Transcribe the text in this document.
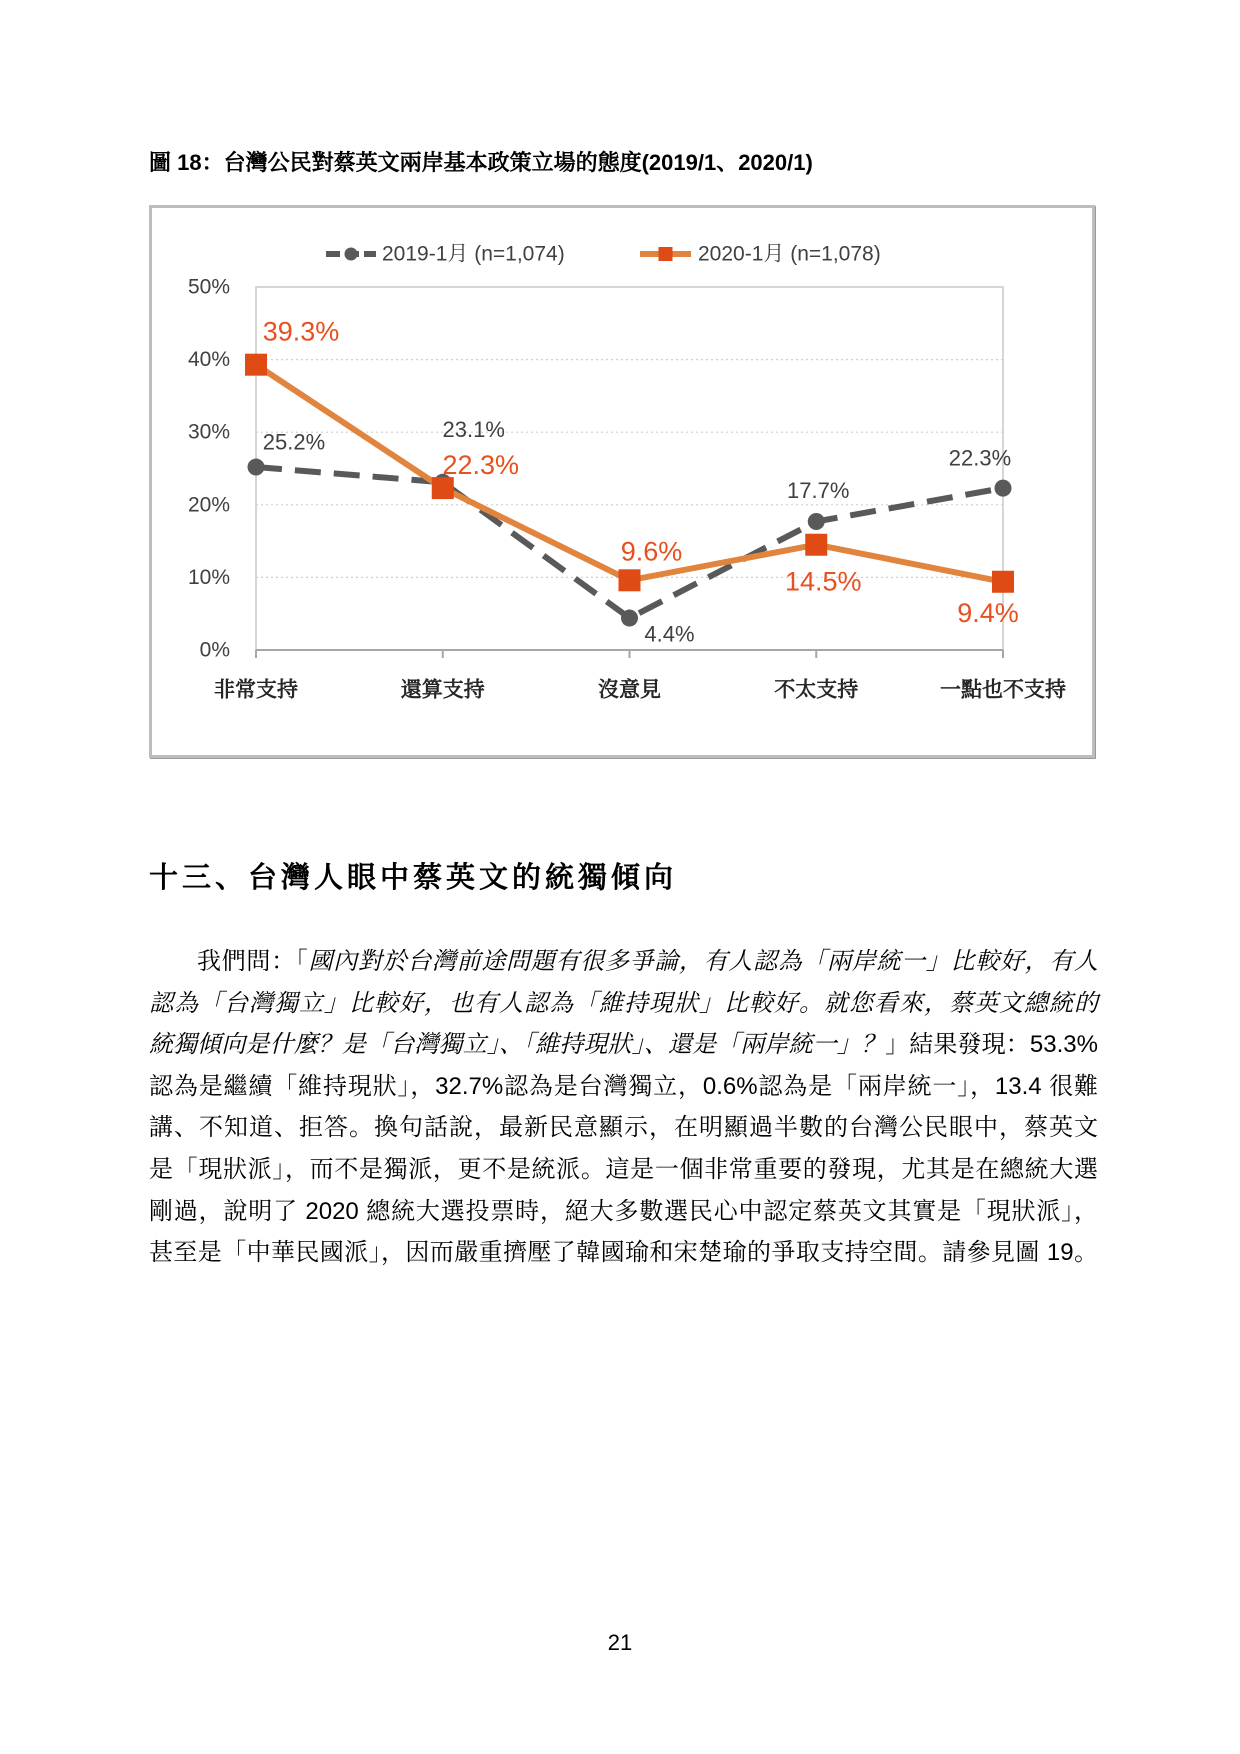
圖 18：台灣公民對蔡英文兩岸基本政策立場的態度(2019/1、2020/1)
0%
10%
20%
30%
40%
50%
非常支持	還算支持	沒意見	不太支持	一點也不支持
25.2%
23.1%
4.4%
17.7%
22.3%
39.3%
22.3%
9.6%
14.5%
9.4%
2019-1月 (n=1,074)	2020-1月 (n=1,078)
十三、台灣人眼中蔡英文的統獨傾向
我們問：「國內對於台灣前途問題有很多爭論，有人認為「兩岸統一」比較好，有人
認為「台灣獨立」比較好，也有人認為「維持現狀」比較好。就您看來，蔡英文總統的
統獨傾向是什麼？是「台灣獨立」、「維持現狀」、還是「兩岸統一」？」結果發現：53.3%
認為是繼續「維持現狀」，32.7%認為是台灣獨立，0.6%認為是「兩岸統一」，13.4 很難
講、不知道、拒答。換句話說，最新民意顯示，在明顯過半數的台灣公民眼中，蔡英文
是「現狀派」，而不是獨派，更不是統派。這是一個非常重要的發現，尤其是在總統大選
剛過，說明了 2020 總統大選投票時，絕大多數選民心中認定蔡英文其實是「現狀派」，
甚至是「中華民國派」，因而嚴重擠壓了韓國瑜和宋楚瑜的爭取支持空間。請參見圖 19。
21
